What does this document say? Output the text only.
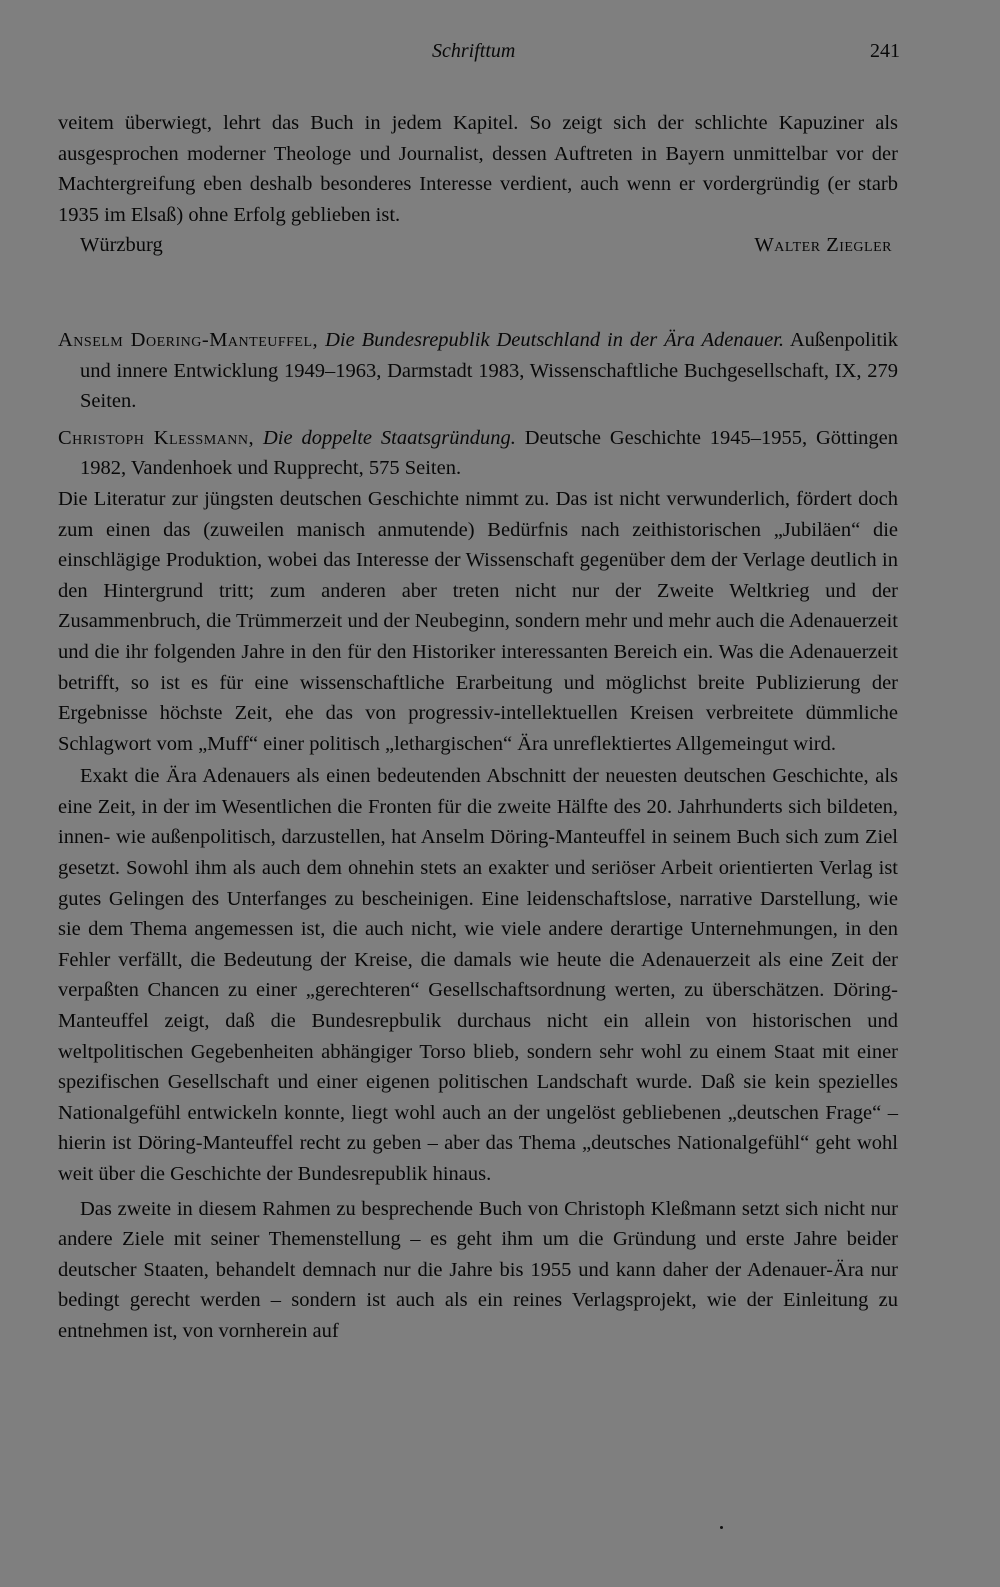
Schrifttum	241

veitem überwiegt, lehrt das Buch in jedem Kapitel. So zeigt sich der schlichte Kapuziner als ausgesprochen moderner Theologe und Journalist, dessen Auftreten in Bayern unmittelbar vor der Machtergreifung eben deshalb besonderes Interesse verdient, auch wenn er vordergründig (er starb 1935 im Elsaß) ohne Erfolg geblieben ist.

Würzburg	Walter Ziegler

Anselm Doering-Manteuffel, Die Bundesrepublik Deutschland in der Ära Adenauer. Außenpolitik und innere Entwicklung 1949–1963, Darmstadt 1983, Wissenschaftliche Buchgesellschaft, IX, 279 Seiten.

Christoph Klessmann, Die doppelte Staatsgründung. Deutsche Geschichte 1945–1955, Göttingen 1982, Vandenhoek und Rupprecht, 575 Seiten.

Die Literatur zur jüngsten deutschen Geschichte nimmt zu. Das ist nicht verwunderlich, fördert doch zum einen das (zuweilen manisch anmutende) Bedürfnis nach zeithistorischen „Jubiläen“ die einschlägige Produktion, wobei das Interesse der Wissenschaft gegenüber dem der Verlage deutlich in den Hintergrund tritt; zum anderen aber treten nicht nur der Zweite Weltkrieg und der Zusammenbruch, die Trümmerzeit und der Neubeginn, sondern mehr und mehr auch die Adenauerzeit und die ihr folgenden Jahre in den für den Historiker interessanten Bereich ein. Was die Adenauerzeit betrifft, so ist es für eine wissenschaftliche Erarbeitung und möglichst breite Publizierung der Ergebnisse höchste Zeit, ehe das von progressiv-intellektuellen Kreisen verbreitete dümmliche Schlagwort vom „Muff“ einer politisch „lethargischen“ Ära unreflektiertes Allgemeingut wird.

Exakt die Ära Adenauers als einen bedeutenden Abschnitt der neuesten deutschen Geschichte, als eine Zeit, in der im Wesentlichen die Fronten für die zweite Hälfte des 20. Jahrhunderts sich bildeten, innen- wie außenpolitisch, darzustellen, hat Anselm Döring-Manteuffel in seinem Buch sich zum Ziel gesetzt. Sowohl ihm als auch dem ohnehin stets an exakter und seriöser Arbeit orientierten Verlag ist gutes Gelingen des Unterfanges zu bescheinigen. Eine leidenschaftslose, narrative Darstellung, wie sie dem Thema angemessen ist, die auch nicht, wie viele andere derartige Unternehmungen, in den Fehler verfällt, die Bedeutung der Kreise, die damals wie heute die Adenauerzeit als eine Zeit der verpaßten Chancen zu einer „gerechteren“ Gesellschaftsordnung werten, zu überschätzen. Döring-Manteuffel zeigt, daß die Bundesrepbulik durchaus nicht ein allein von historischen und weltpolitischen Gegebenheiten abhängiger Torso blieb, sondern sehr wohl zu einem Staat mit einer spezifischen Gesellschaft und einer eigenen politischen Landschaft wurde. Daß sie kein spezielles Nationalgefühl entwickeln konnte, liegt wohl auch an der ungelöst gebliebenen „deutschen Frage“ – hierin ist Döring-Manteuffel recht zu geben – aber das Thema „deutsches Nationalgefühl“ geht wohl weit über die Geschichte der Bundesrepublik hinaus.

Das zweite in diesem Rahmen zu besprechende Buch von Christoph Kleßmann setzt sich nicht nur andere Ziele mit seiner Themenstellung – es geht ihm um die Gründung und erste Jahre beider deutscher Staaten, behandelt demnach nur die Jahre bis 1955 und kann daher der Adenauer-Ära nur bedingt gerecht werden – sondern ist auch als ein reines Verlagsprojekt, wie der Einleitung zu entnehmen ist, von vornherein auf
